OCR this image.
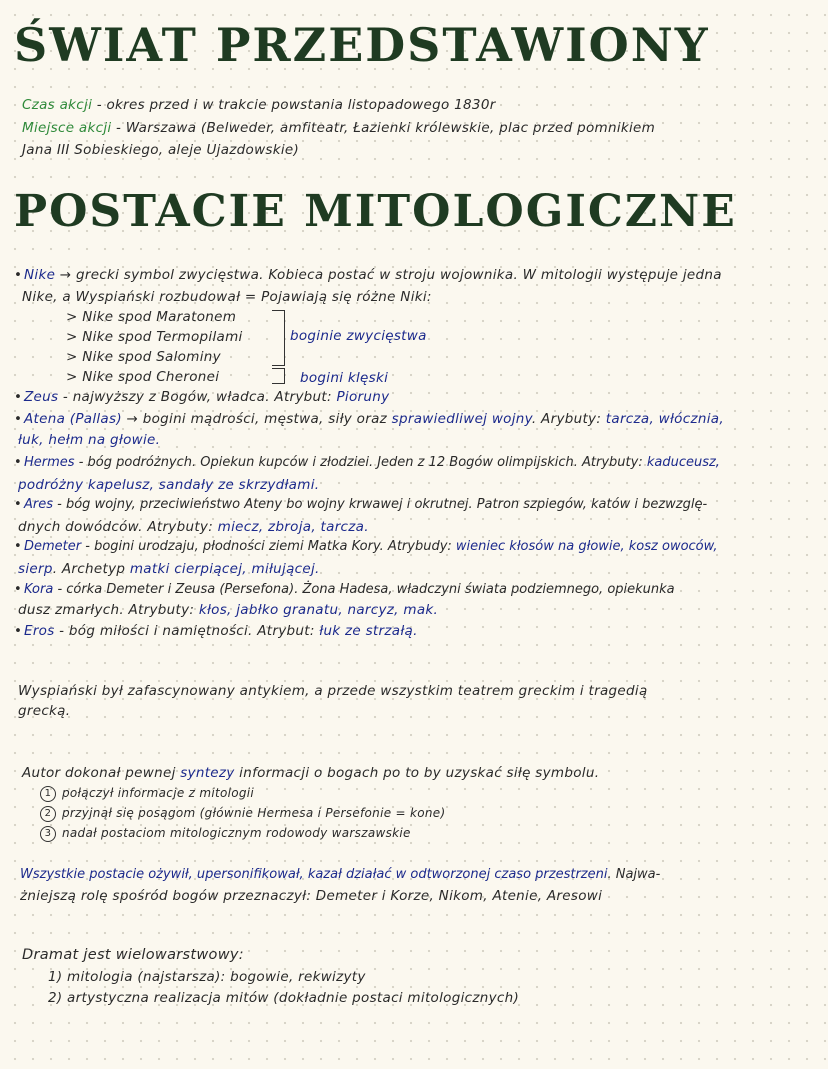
ŚWIAT PRZEDSTAWIONY
Czas akcji - okres przed i w trakcie powstania listopadowego 1830r
Miejsce akcji - Warszawa (Belweder, amfiteatr, Łazienki królewskie, plac przed pomnikiem
Jana III Sobieskiego, aleje Ujazdowskie)
POSTACIE MITOLOGICZNE
• Nike → grecki symbol zwycięstwa. Kobieca postać w stroju wojownika. W mitologii występuje jedna
Nike, a Wyspiański rozbudował = Pojawiają się różne Niki:
> Nike spod Maratonem
> Nike spod Termopilami
> Nike spod Salominy
> Nike spod Cheronei
boginie zwycięstwa
bogini klęski
• Zeus - najwyższy z Bogów, władca. Atrybut: Pioruny
• Atena (Pallas) → bogini mądrości, męstwa, siły oraz sprawiedliwej wojny. Arybuty: tarcza, włócznia,
łuk, hełm na głowie.
• Hermes - bóg podróżnych. Opiekun kupców i złodziei. Jeden z 12 Bogów olimpijskich. Atrybuty: kaduceusz,
podróżny kapelusz, sandały ze skrzydłami.
• Ares - bóg wojny, przeciwieństwo Ateny bo wojny krwawej i okrutnej. Patron szpiegów, katów i bezwzglę-
dnych dowódców. Atrybuty: miecz, zbroja, tarcza.
• Demeter - bogini urodzaju, płodności ziemi Matka Kory. Atrybudy: wieniec kłosów na głowie, kosz owoców,
sierp. Archetyp matki cierpiącej, miłującej.
• Kora - córka Demeter i Zeusa (Persefona). Żona Hadesa, władczyni świata podziemnego, opiekunka
dusz zmarłych. Atrybuty: kłos, jabłko granatu, narcyz, mak.
• Eros - bóg miłości i namiętności. Atrybut: łuk ze strzałą.
Wyspiański był zafascynowany antykiem, a przede wszystkim teatrem greckim i tragedią
grecką.
Autor dokonał pewnej syntezy informacji o bogach po to by uzyskać siłę symbolu.
1 połączył informacje z mitologii
2 przyjnął się posągom (głównie Hermesa i Persefonie = kone)
3 nadał postaciom mitologicznym rodowody warszawskie
Wszystkie postacie ożywił, upersonifikował, kazał działać w odtworzonej czaso przestrzeni. Najwa-
żniejszą rolę spośród bogów przeznaczył: Demeter i Korze, Nikom, Atenie, Aresowi
Dramat jest wielowarstwowy:
1) mitologia (najstarsza): bogowie, rekwizyty
2) artystyczna realizacja mitów (dokładnie postaci mitologicznych)
